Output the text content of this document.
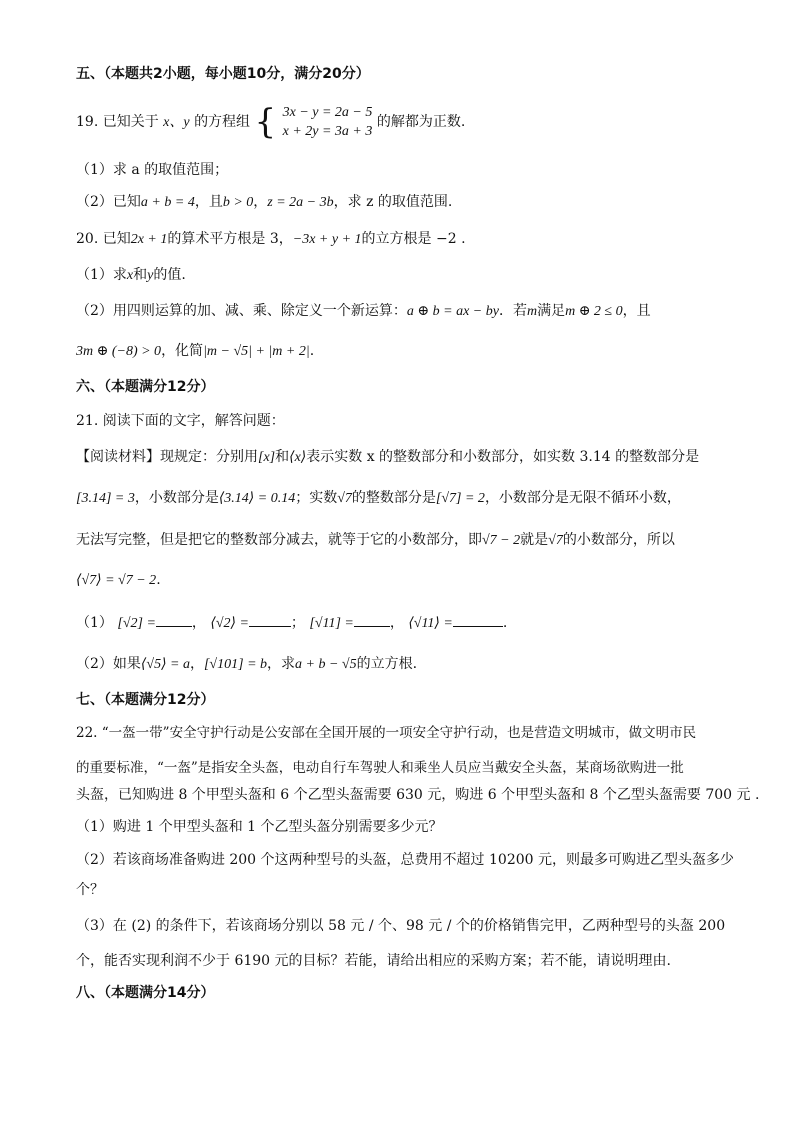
五、（本题共2小题，每小题10分，满分20分）
19. 已知关于 x、y 的方程组 { 3x − y = 2a − 5
x + 2y = 3a + 3
的解都为正数.
（1）求 a 的取值范围；
（2）已知a + b = 4，且b > 0，z = 2a − 3b，求 z 的取值范围.
20. 已知2x + 1的算术平方根是 3，−3x + y + 1的立方根是 −2 .
（1）求x和y的值.
（2）用四则运算的加、减、乘、除定义一个新运算：a ⊕ b = ax − by．若m满足m ⊕ 2 ≤ 0，且
3m ⊕ (−8) > 0，化简|m − √5| + |m + 2|.
六、（本题满分12分）
21. 阅读下面的文字，解答问题：
【阅读材料】现规定：分别用[x]和⟨x⟩表示实数 x 的整数部分和小数部分，如实数 3.14 的整数部分是
[3.14] = 3，小数部分是⟨3.14⟩ = 0.14；实数√7的整数部分是[√7] = 2，小数部分是无限不循环小数，
无法写完整，但是把它的整数部分减去，就等于它的小数部分，即√7 − 2就是√7的小数部分，所以
⟨√7⟩ = √7 − 2.
（1） [√2] =	， ⟨√2⟩ =	； [√11] =	， ⟨√11⟩ =	.
（2）如果⟨√5⟩ = a，[√101] = b，求a + b − √5的立方根.
七、（本题满分12分）
22. “一盔一带”安全守护行动是公安部在全国开展的一项安全守护行动，也是营造文明城市，做文明市民
的重要标准，“一盔”是指安全头盔，电动自行车驾驶人和乘坐人员应当戴安全头盔，某商场欲购进一批
头盔，已知购进 8 个甲型头盔和 6 个乙型头盔需要 630 元，购进 6 个甲型头盔和 8 个乙型头盔需要 700 元 .
（1）购进 1 个甲型头盔和 1 个乙型头盔分别需要多少元？
（2）若该商场准备购进 200 个这两种型号的头盔，总费用不超过 10200 元，则最多可购进乙型头盔多少
个？
（3）在 (2) 的条件下，若该商场分别以 58 元 / 个、98 元 / 个的价格销售完甲，乙两种型号的头盔 200
个，能否实现利润不少于 6190 元的目标？若能，请给出相应的采购方案；若不能，请说明理由.
八、（本题满分14分）
